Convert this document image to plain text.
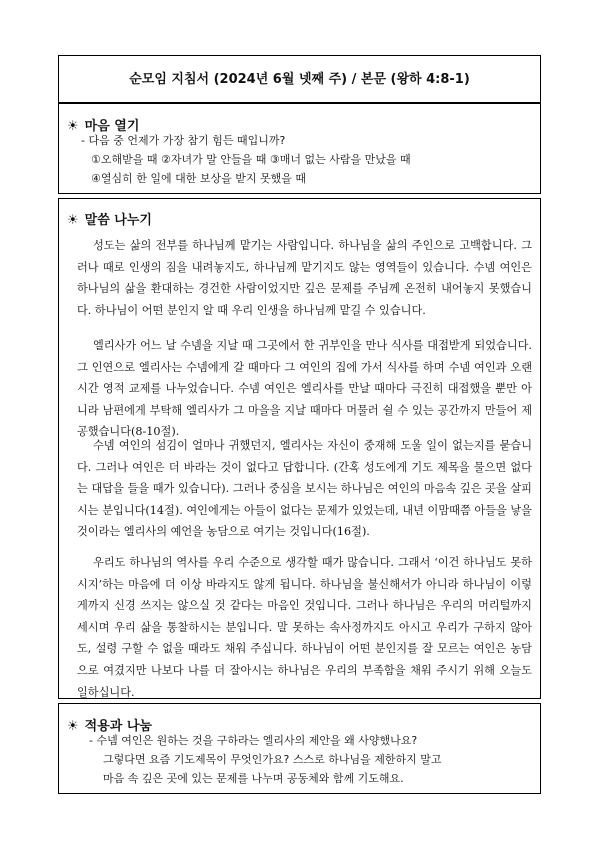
순모임 지침서 (2024년 6월 넷째 주) / 본문 (왕하 4:8-1)
☀ 마음 열기
- 다음 중 언제가 가장 참기 힘든 때입니까?
①오해받을 때 ②자녀가 말 안들을 때 ③매너 없는 사람을 만났을 때
④열심히 한 일에 대한 보상을 받지 못했을 때
☀ 말씀 나누기

성도는 삶의 전부를 하나님께 맡기는 사람입니다. 하나님을 삶의 주인으로 고백합니다. 그러나 때로 인생의 짐을 내려놓지도, 하나님께 맡기지도 않는 영역들이 있습니다. 수넴 여인은 하나님의 삶을 환대하는 경건한 사람이었지만 깊은 문제를 주님께 온전히 내어놓지 못했습니다. 하나님이 어떤 분인지 알 때 우리 인생을 하나님께 맡길 수 있습니다.

엘리사가 어느 날 수넴을 지날 때 그곳에서 한 귀부인을 만나 식사를 대접받게 되었습니다. 그 인연으로 엘리사는 수넴에게 갈 때마다 그 여인의 집에 가서 식사를 하며 수넴 여인과 오랜시간 영적 교제를 나누었습니다. 수넴 여인은 엘리사를 만날 때마다 극진히 대접했을 뿐만 아니라 남편에게 부탁해 엘리사가 그 마을을 지날 때마다 머물러 쉴 수 있는 공간까지 만들어 제공했습니다(8-10절).

수넴 여인의 섬김이 얼마나 귀했던지, 엘리사는 자신이 중재해 도울 일이 없는지를 묻습니다. 그러나 여인은 더 바라는 것이 없다고 답합니다. (간혹 성도에게 기도 제목을 물으면 없다는 대답을 들을 때가 있습니다). 그러나 중심을 보시는 하나님은 여인의 마음속 깊은 곳을 살피시는 분입니다(14절). 여인에게는 아들이 없다는 문제가 있었는데, 내년 이맘때쯤 아들을 낳을 것이라는 엘리사의 예언을 농담으로 여기는 것입니다(16절).

우리도 하나님의 역사를 우리 수준으로 생각할 때가 많습니다. 그래서 ‘이건 하나님도 못하시지’하는 마음에 더 이상 바라지도 않게 됩니다. 하나님을 불신해서가 아니라 하나님이 이렇게까지 신경 쓰지는 않으실 것 같다는 마음인 것입니다. 그러나 하나님은 우리의 머리털까지 세시며 우리 삶을 통찰하시는 분입니다. 말 못하는 속사정까지도 아시고 우리가 구하지 않아도, 설령 구할 수 없을 때라도 채워 주십니다. 하나님이 어떤 분인지를 잘 모르는 여인은 농담으로 여겼지만 나보다 나를 더 잘아시는 하나님은 우리의 부족함을 채워 주시기 위해 오늘도 일하십니다.

☀ 적용과 나눔
- 수넴 여인은 원하는 것을 구하라는 엘리사의 제안을 왜 사양했나요?
그렇다면 요즘 기도제목이 무엇인가요? 스스로 하나님을 제한하지 말고
마음 속 깊은 곳에 있는 문제를 나누며 공동체와 함께 기도해요.
